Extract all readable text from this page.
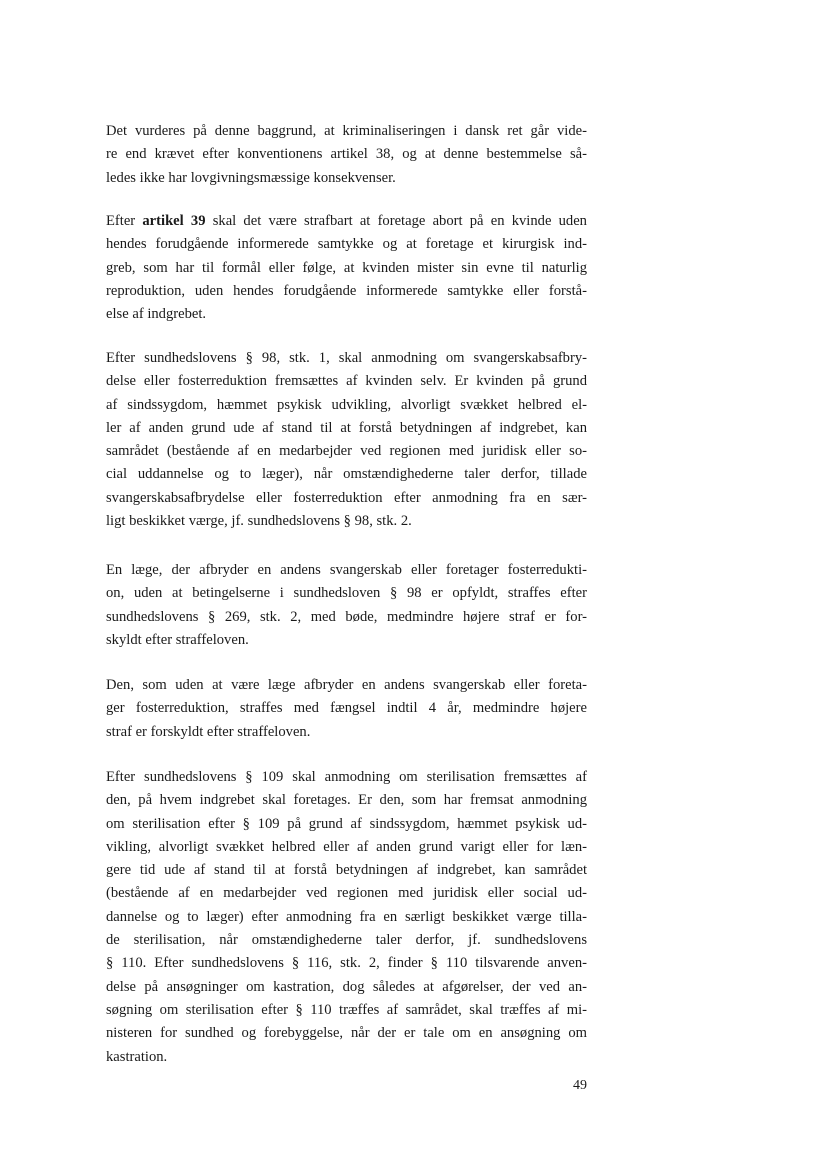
Det vurderes på denne baggrund, at kriminaliseringen i dansk ret går vide-
re end krævet efter konventionens artikel 38, og at denne bestemmelse så-
ledes ikke har lovgivningsmæssige konsekvenser.
Efter artikel 39 skal det være strafbart at foretage abort på en kvinde uden
hendes forudgående informerede samtykke og at foretage et kirurgisk ind-
greb, som har til formål eller følge, at kvinden mister sin evne til naturlig
reproduktion, uden hendes forudgående informerede samtykke eller forstå-
else af indgrebet.
Efter sundhedslovens § 98, stk. 1, skal anmodning om svangerskabsafbry-
delse eller fosterreduktion fremsættes af kvinden selv. Er kvinden på grund
af sindssygdom, hæmmet psykisk udvikling, alvorligt svækket helbred el-
ler af anden grund ude af stand til at forstå betydningen af indgrebet, kan
samrådet (bestående af en medarbejder ved regionen med juridisk eller so-
cial uddannelse og to læger), når omstændighederne taler derfor, tillade
svangerskabsafbrydelse eller fosterreduktion efter anmodning fra en sær-
ligt beskikket værge, jf. sundhedslovens § 98, stk. 2.
En læge, der afbryder en andens svangerskab eller foretager fosterredukti-
on, uden at betingelserne i sundhedsloven § 98 er opfyldt, straffes efter
sundhedslovens § 269, stk. 2, med bøde, medmindre højere straf er for-
skyldt efter straffeloven.
Den, som uden at være læge afbryder en andens svangerskab eller foreta-
ger fosterreduktion, straffes med fængsel indtil 4 år, medmindre højere
straf er forskyldt efter straffeloven.
Efter sundhedslovens § 109 skal anmodning om sterilisation fremsættes af
den, på hvem indgrebet skal foretages. Er den, som har fremsat anmodning
om sterilisation efter § 109 på grund af sindssygdom, hæmmet psykisk ud-
vikling, alvorligt svækket helbred eller af anden grund varigt eller for læn-
gere tid ude af stand til at forstå betydningen af indgrebet, kan samrådet
(bestående af en medarbejder ved regionen med juridisk eller social ud-
dannelse og to læger) efter anmodning fra en særligt beskikket værge tilla-
de sterilisation, når omstændighederne taler derfor, jf. sundhedslovens
§ 110. Efter sundhedslovens § 116, stk. 2, finder § 110 tilsvarende anven-
delse på ansøgninger om kastration, dog således at afgørelser, der ved an-
søgning om sterilisation efter § 110 træffes af samrådet, skal træffes af mi-
nisteren for sundhed og forebyggelse, når der er tale om en ansøgning om
kastration.
49
